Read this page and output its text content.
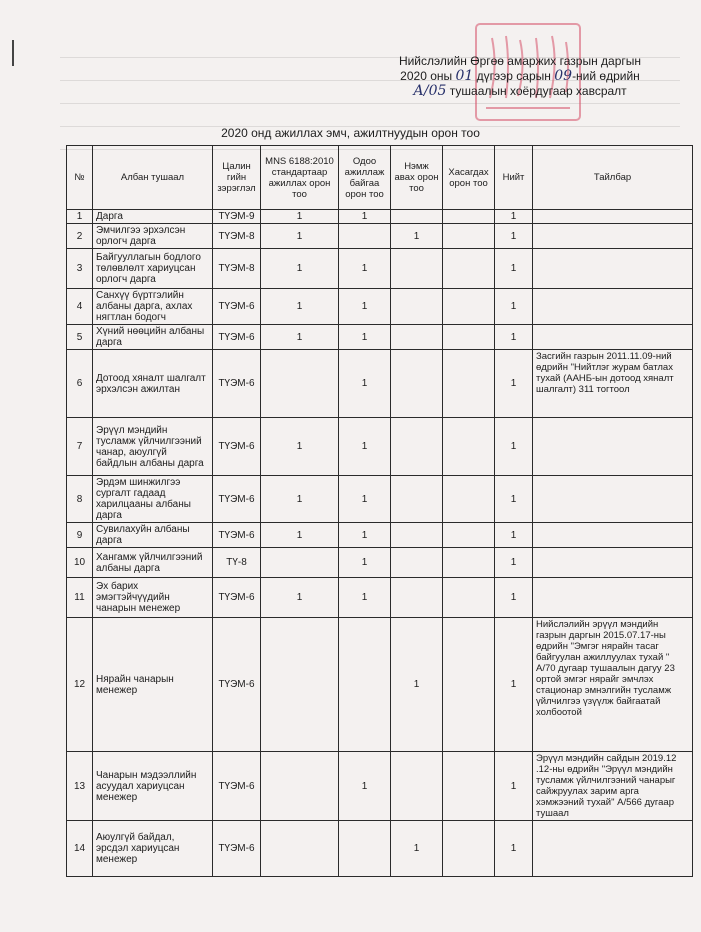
Нийслэлийн Өргөө амаржих газрын даргын
2020 оны 01 дүгээр сарын 09-ний өдрийн
А/05 тушаалын хоёрдугаар хавсралт
2020 онд ажиллах эмч, ажилтнуудын орон тоо
№	Албан тушаал	Цалин гийн зэрэглэл	MNS 6188:2010 стандартаар ажиллах орон тоо	Одоо ажиллаж байгаа орон тоо	Нэмж авах орон тоо	Хасагдах орон тоо	Нийт	Тайлбар
1	Дарга	ТҮЭМ-9	1	1			1	
2	Эмчилгээ эрхэлсэн орлогч дарга	ТҮЭМ-8	1		1		1	
3	Байгууллагын бодлого төлөвлөлт хариуцсан орлогч дарга	ТҮЭМ-8	1	1			1	
4	Санхүү бүртгэлийн албаны дарга, ахлах нягтлан бодогч	ТҮЭМ-6	1	1			1	
5	Хүний нөөцийн албаны дарга	ТҮЭМ-6	1	1			1	
6	Дотоод хяналт шалгалт эрхэлсэн ажилтан	ТҮЭМ-6		1			1	Засгийн газрын 2011.11.09-ний өдрийн "Нийтлэг журам батлах тухай (ААНБ-ын дотоод хяналт шалгалт) 311 тогтоол
7	Эрүүл мэндийн тусламж үйлчилгээний чанар, аюулгүй байдлын албаны дарга	ТҮЭМ-6	1	1			1	
8	Эрдэм шинжилгээ сургалт гадаад харилцааны албаны дарга	ТҮЭМ-6	1	1			1	
9	Сувилахуйн албаны дарга	ТҮЭМ-6	1	1			1	
10	Хангамж үйлчилгээний албаны дарга	ТҮ-8		1			1	
11	Эх барих эмэгтэйчүүдийн чанарын менежер	ТҮЭМ-6	1	1			1	
12	Нярайн чанарын менежер	ТҮЭМ-6			1		1	Нийслэлийн эрүүл мэндийн газрын даргын 2015.07.17-ны өдрийн "Эмгэг нярайн тасаг байгуулан ажиллуулах тухай " А/70 дугаар тушаалын дагуу 23 ортой эмгэг нярайг эмчлэх стационар эмнэлгийн тусламж үйлчилгээ үзүүлж байгаатай холбоотой
13	Чанарын мэдээллийн асуудал хариуцсан менежер	ТҮЭМ-6		1			1	Эрүүл мэндийн сайдын 2019.12 .12-ны өдрийн "Эрүүл мэндийн тусламж үйлчилгээний чанарыг сайжруулах зарим арга хэмжээний тухай" А/566 дугаар тушаал
14	Аюулгүй байдал, эрсдэл хариуцсан менежер	ТҮЭМ-6			1		1	
